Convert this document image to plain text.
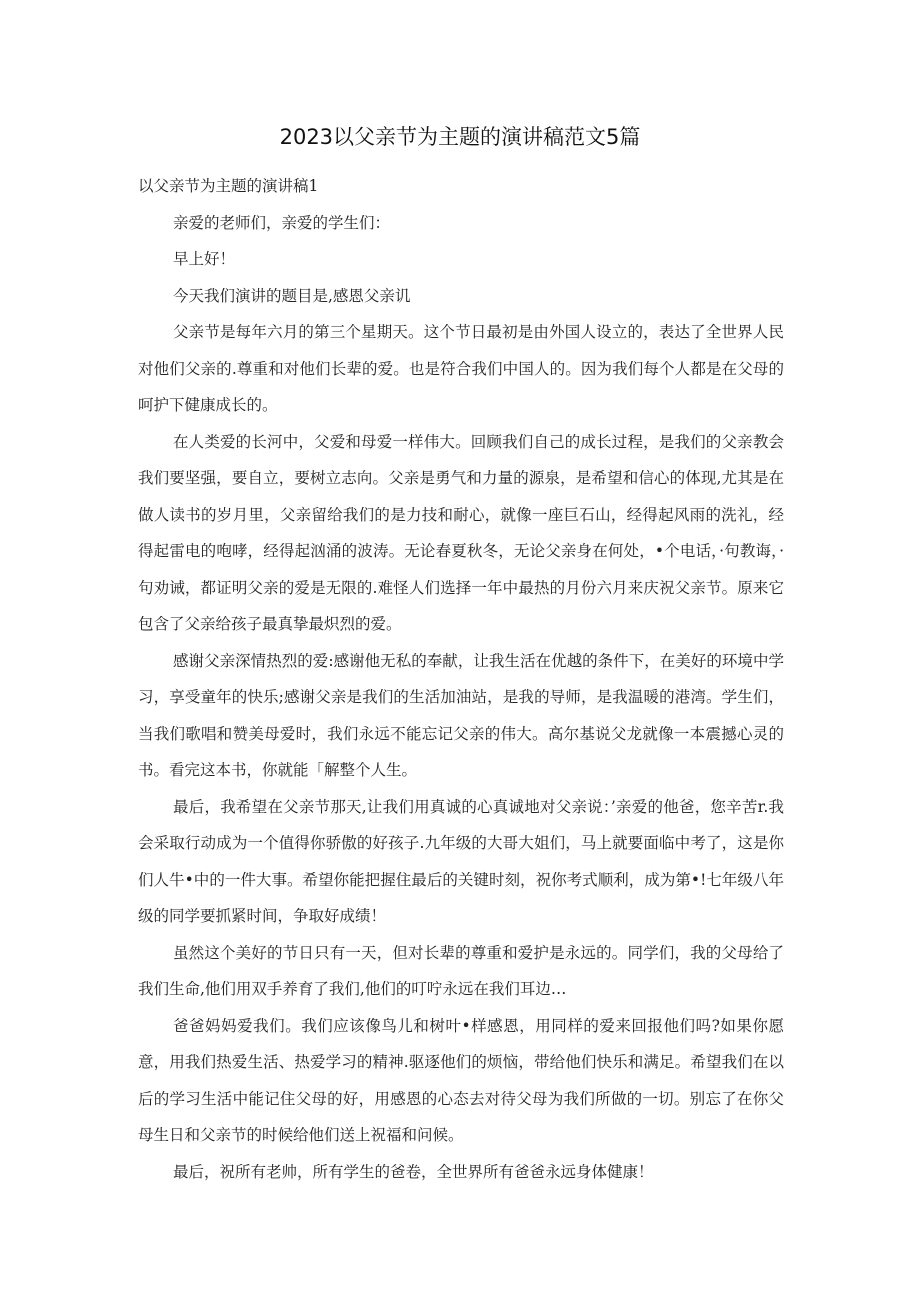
2023以父亲节为主题的演讲稿范文5篇

以父亲节为主题的演讲稿1

亲爱的老师们，亲爱的学生们：

早上好！

今天我们演讲的题目是,感恩父亲讥

父亲节是每年六月的第三个星期天。这个节日最初是由外国人设立的，表达了全世界人民对他们父亲的.尊重和对他们长辈的爱。也是符合我们中国人的。因为我们每个人都是在父母的呵护下健康成长的。

在人类爱的长河中，父爱和母爱一样伟大。回顾我们自己的成长过程，是我们的父亲教会我们要坚强，要自立，要树立志向。父亲是勇气和力量的源泉，是希望和信心的体现,尤其是在做人读书的岁月里，父亲留给我们的是力技和耐心，就像一座巨石山，经得起风雨的洗礼，经得起雷电的咆哮，经得起汹涌的波涛。无论春夏秋冬，无论父亲身在何处，•个电话，·句教诲，·句劝诫，都证明父亲的爱是无限的.难怪人们选择一年中最热的月份六月来庆祝父亲节。原来它包含了父亲给孩子最真挚最炽烈的爱。

感谢父亲深情热烈的爱:感谢他无私的奉献，让我生活在优越的条件下，在美好的环境中学习，享受童年的快乐;感谢父亲是我们的生活加油站，是我的导师，是我温暖的港湾。学生们，当我们歌唱和赞美母爱时，我们永远不能忘记父亲的伟大。高尔基说父龙就像一本震撼心灵的书。看完这本书，你就能「解整个人生。

最后，我希望在父亲节那天,让我们用真诚的心真诚地对父亲说：’亲爱的他爸，您辛苦r.我会采取行动成为一个值得你骄傲的好孩子.九年级的大哥大姐们，马上就要面临中考了，这是你们人牛•中的一件大事。希望你能把握住最后的关键时刻，祝你考式顺利，成为第•!七年级八年级的同学要抓紧时间，争取好成绩！

虽然这个美好的节日只有一天，但对长辈的尊重和爱护是永远的。同学们，我的父母给了我们生命,他们用双手养育了我们,他们的叮咛永远在我们耳边…

爸爸妈妈爱我们。我们应该像鸟儿和树叶•样感恩，用同样的爱来回报他们吗?如果你愿意，用我们热爱生活、热爱学习的精神.驱逐他们的烦恼，带给他们快乐和满足。希望我们在以后的学习生活中能记住父母的好，用感恩的心态去对待父母为我们所做的一切。别忘了在你父母生日和父亲节的时候给他们送上祝福和问候。

最后，祝所有老帅，所有学生的爸卷，全世界所有爸爸永远身体健康！
